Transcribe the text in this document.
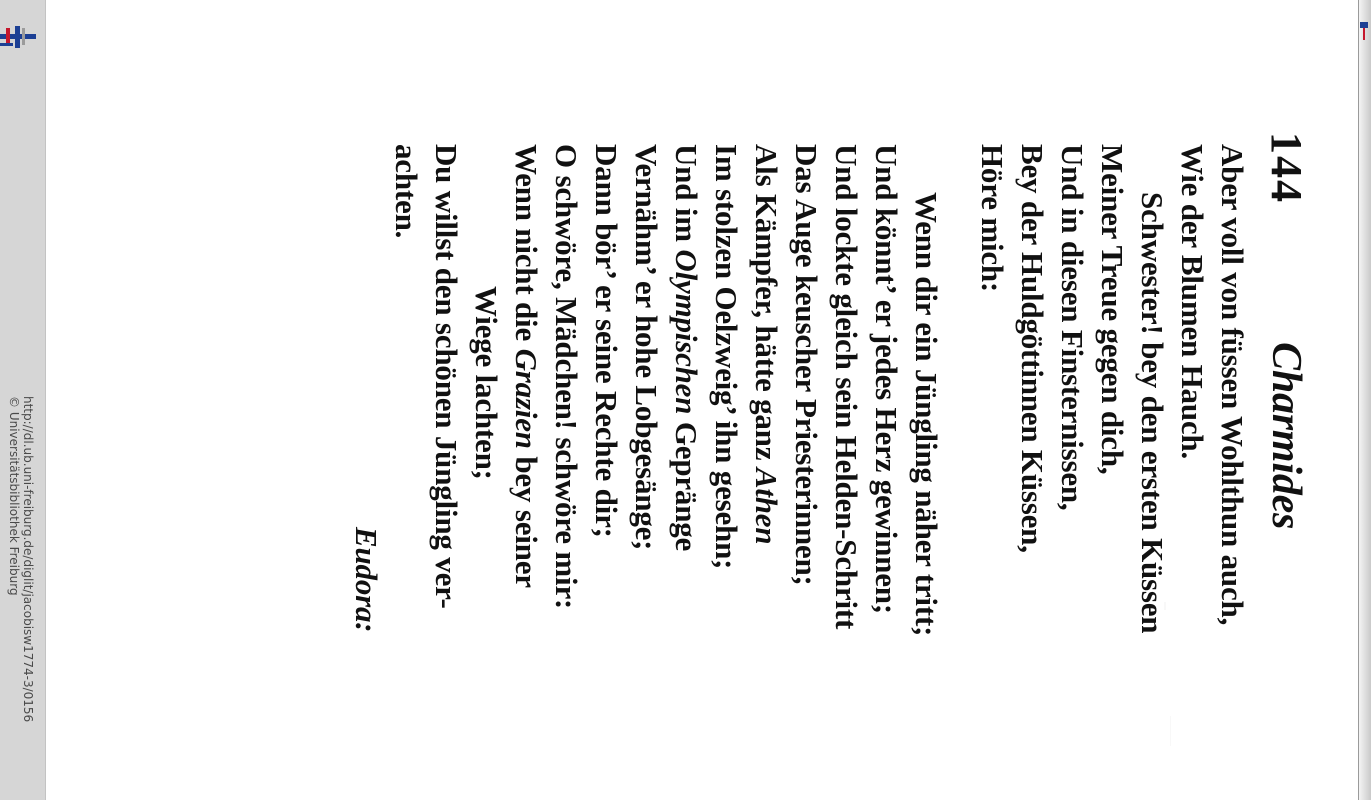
http://dl.ub.uni-freiburg.de/diglit/jacobisw1774-3/0156
© Universitätsbibliothek Freiburg
144
Charmides
Aber voll von füssen Wohlthun auch,
Wie der Blumen Hauch.
Schwester! bey den ersten Küssen
Meiner Treue gegen dich,
Und in diesen Finsternissen,
Bey der Huldgöttinnen Küssen,
Höre mich:
Wenn dir ein Jüngling näher tritt;
Und könnt’ er jedes Herz gewinnen;
Und lockte gleich sein Helden-Schritt
Das Auge keuscher Priesterinnen;
Als Kämpfer, hätte ganz Athen
Im stolzen Oelzweig’ ihn gesehn;
Und im Olympischen Gepränge
Vernähm’ er hohe Lobgesänge;
Dann bör’ er seine Rechte dir;
O schwöre, Mädchen! schwöre mir:
Wenn nicht die Grazien bey seiner
Wiege lachten;
Du willst den schönen Jüngling ver-
achten.
Eudora:
